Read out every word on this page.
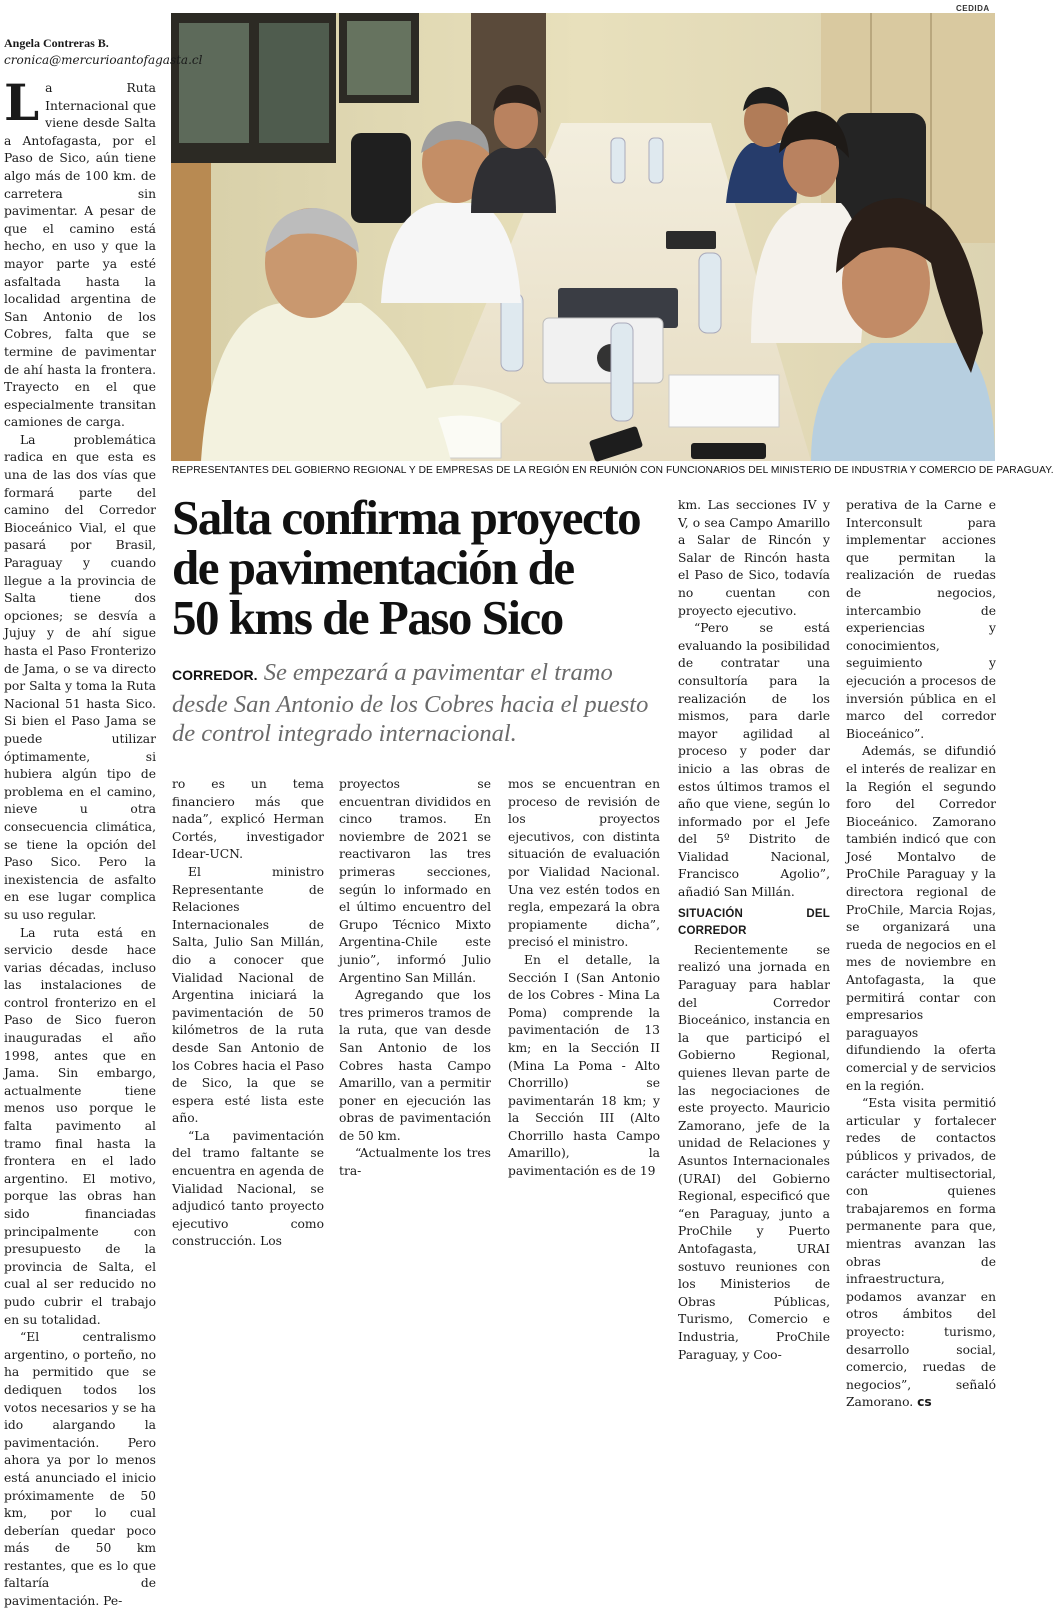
CEDIDA
REPRESENTANTES DEL GOBIERNO REGIONAL Y DE EMPRESAS DE LA REGIÓN EN REUNIÓN CON FUNCIONARIOS DEL MINISTERIO DE INDUSTRIA Y COMERCIO DE PARAGUAY.
Angela Contreras B.
cronica@mercurioantofagasta.cl
Salta confirma proyecto
de pavimentación de
50 kms de Paso Sico
CORREDOR. Se empezará a pavimentar el tramo desde San Antonio de los Cobres hacia el puesto de control integrado internacional.

La Ruta Internacional que viene desde Salta a Antofagasta, por el Paso de Sico, aún tiene algo más de 100 km. de carretera sin pavimentar. A pesar de que el camino está hecho, en uso y que la mayor parte ya esté asfaltada hasta la localidad argentina de San Antonio de los Cobres, falta que se termine de pavimentar de ahí hasta la frontera. Trayecto en el que especialmente transitan camiones de carga.

La problemática radica en que esta es una de las dos vías que formará parte del camino del Corredor Bioceánico Vial, el que pasará por Brasil, Paraguay y cuando llegue a la provincia de Salta tiene dos opciones; se desvía a Jujuy y de ahí sigue hasta el Paso Fronterizo de Jama, o se va directo por Salta y toma la Ruta Nacional 51 hasta Sico. Si bien el Paso Jama se puede utilizar óptimamente, si hubiera algún tipo de problema en el camino, nieve u otra consecuencia climática, se tiene la opción del Paso Sico. Pero la inexistencia de asfalto en ese lugar complica su uso regular.

La ruta está en servicio desde hace varias décadas, incluso las instalaciones de control fronterizo en el Paso de Sico fueron inauguradas el año 1998, antes que en Jama. Sin embargo, actualmente tiene menos uso porque le falta pavimento al tramo final hasta la frontera en el lado argentino. El motivo, porque las obras han sido financiadas principalmente con presupuesto de la provincia de Salta, el cual al ser reducido no pudo cubrir el trabajo en su totalidad.

“El centralismo argentino, o porteño, no ha permitido que se dediquen todos los votos necesarios y se ha ido alargando la pavimentación. Pero ahora ya por lo menos está anunciado el inicio próximamente de 50 km, por lo cual deberían quedar poco más de 50 km restantes, que es lo que faltaría de pavimentación. Pe-

ro es un tema financiero más que nada”, explicó Herman Cortés, investigador Idear-UCN.

El ministro Representante de Relaciones Internacionales de Salta, Julio San Millán, dio a conocer que Vialidad Nacional de Argentina iniciará la pavimentación de 50 kilómetros de la ruta desde San Antonio de los Cobres hacia el Paso de Sico, la que se espera esté lista este año.

“La pavimentación del tramo faltante se encuentra en agenda de Vialidad Nacional, se adjudicó tanto proyecto ejecutivo como construcción. Los

proyectos se encuentran divididos en cinco tramos. En noviembre de 2021 se reactivaron las tres primeras secciones, según lo informado en el último encuentro del Grupo Técnico Mixto Argentina-Chile este junio”, informó Julio Argentino San Millán.

Agregando que los tres primeros tramos de la ruta, que van desde San Antonio de los Cobres hasta Campo Amarillo, van a permitir poner en ejecución las obras de pavimentación de 50 km.

“Actualmente los tres tra-

mos se encuentran en proceso de revisión de los proyectos ejecutivos, con distinta situación de evaluación por Vialidad Nacional. Una vez estén todos en regla, empezará la obra propiamente dicha”, precisó el ministro.

En el detalle, la Sección I (San Antonio de los Cobres - Mina La Poma) comprende la pavimentación de 13 km; en la Sección II (Mina La Poma - Alto Chorrillo) se pavimentarán 18 km; y la Sección III (Alto Chorrillo hasta Campo Amarillo), la pavimentación es de 19

km. Las secciones IV y V, o sea Campo Amarillo a Salar de Rincón y Salar de Rincón hasta el Paso de Sico, todavía no cuentan con proyecto ejecutivo.

“Pero se está evaluando la posibilidad de contratar una consultoría para la realización de los mismos, para darle mayor agilidad al proceso y poder dar inicio a las obras de estos últimos tramos el año que viene, según lo informado por el Jefe del 5º Distrito de Vialidad Nacional, Francisco Agolio”, añadió San Millán.

SITUACIÓN DEL CORREDOR

Recientemente se realizó una jornada en Paraguay para hablar del Corredor Bioceánico, instancia en la que participó el Gobierno Regional, quienes llevan parte de las negociaciones de este proyecto. Mauricio Zamorano, jefe de la unidad de Relaciones y Asuntos Internacionales (URAI) del Gobierno Regional, especificó que “en Paraguay, junto a ProChile y Puerto Antofagasta, URAI sostuvo reuniones con los Ministerios de Obras Públicas, Turismo, Comercio e Industria, ProChile Paraguay, y Coo-

perativa de la Carne e Interconsult para implementar acciones que permitan la realización de ruedas de negocios, intercambio de experiencias y conocimientos, seguimiento y ejecución a procesos de inversión pública en el marco del corredor Bioceánico”.

Además, se difundió el interés de realizar en la Región el segundo foro del Corredor Bioceánico. Zamorano también indicó que con José Montalvo de ProChile Paraguay y la directora regional de ProChile, Marcia Rojas, se organizará una rueda de negocios en el mes de noviembre en Antofagasta, la que permitirá contar con empresarios paraguayos difundiendo la oferta comercial y de servicios en la región.

“Esta visita permitió articular y fortalecer redes de contactos públicos y privados, de carácter multisectorial, con quienes trabajaremos en forma permanente para que, mientras avanzan las obras de infraestructura, podamos avanzar en otros ámbitos del proyecto: turismo, desarrollo social, comercio, ruedas de negocios”, señaló Zamorano. cs
